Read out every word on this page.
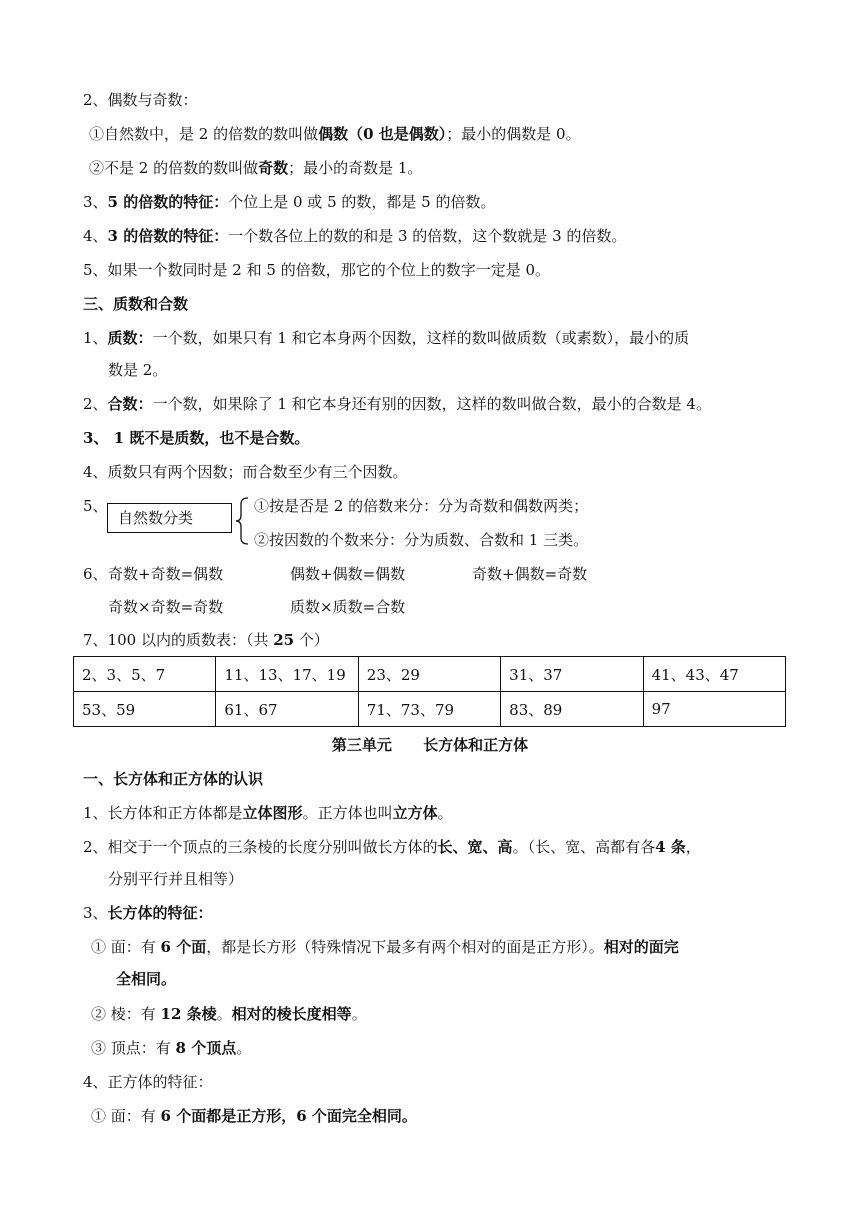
2、偶数与奇数：
①自然数中，是 2 的倍数的数叫做偶数（0 也是偶数）；最小的偶数是 0。
②不是 2 的倍数的数叫做奇数；最小的奇数是 1。
3、5 的倍数的特征：个位上是 0 或 5 的数，都是 5 的倍数。
4、3 的倍数的特征：一个数各位上的数的和是 3 的倍数，这个数就是 3 的倍数。
5、如果一个数同时是 2 和 5 的倍数，那它的个位上的数字一定是 0。
三、质数和合数
1、质数：一个数，如果只有 1 和它本身两个因数，这样的数叫做质数（或素数），最小的质
数是 2。
2、合数：一个数，如果除了 1 和它本身还有别的因数，这样的数叫做合数，最小的合数是 4。
3、 1 既不是质数，也不是合数。
4、质数只有两个因数；而合数至少有三个因数。
5、
自然数分类
①按是否是 2 的倍数来分：分为奇数和偶数两类；
②按因数的个数来分：分为质数、合数和 1 三类。
6、 奇数+奇数=偶数	偶数+偶数=偶数	奇数+偶数=奇数
奇数×奇数=奇数	质数×质数=合数
7、100 以内的质数表：（共 25 个）
2、3、5、7	11、13、17、19	23、29	31、37	41、43、47
53、59	61、67	71、73、79	83、89	97
第三单元      长方体和正方体
一、长方体和正方体的认识
1、长方体和正方体都是立体图形。正方体也叫立方体。
2、相交于一个顶点的三条棱的长度分别叫做长方体的长、宽、高。（长、宽、高都有各4 条，
分别平行并且相等）
3、长方体的特征：
① 面：有 6 个面，都是长方形（特殊情况下最多有两个相对的面是正方形）。相对的面完
全相同。
② 棱：有 12 条棱。相对的棱长度相等。
③ 顶点：有 8 个顶点。
4、正方体的特征：
① 面：有 6 个面都是正方形，6 个面完全相同。
